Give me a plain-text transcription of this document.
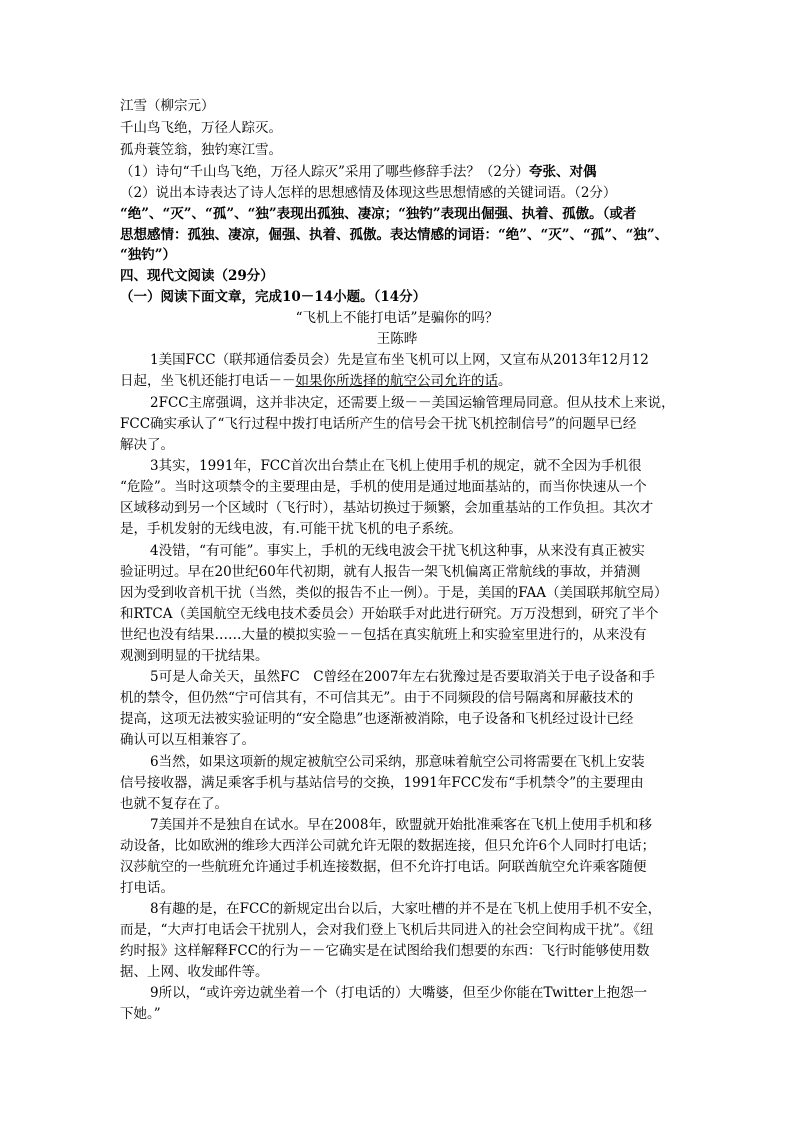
江雪（柳宗元）
千山鸟飞绝，万径人踪灭。
孤舟蓑笠翁，独钓寒江雪。
（1）诗句“千山鸟飞绝，万径人踪灭”采用了哪些修辞手法？（2分）夸张、对偶
（2）说出本诗表达了诗人怎样的思想感情及体现这些思想情感的关键词语。（2分）
“绝”、“灭”、“孤”、“独”表现出孤独、凄凉；“独钓”表现出倔强、执着、孤傲。（或者
思想感情：孤独、凄凉，倔强、执着、孤傲。表达情感的词语：“绝”、“灭”、“孤”、“独”、
“独钓”）
四、现代文阅读（29分）
（一）阅读下面文章，完成10－14小题。（14分）
“飞机上不能打电话”是骗你的吗？
王陈晔
1美国FCC（联邦通信委员会）先是宣布坐飞机可以上网，又宣布从2013年12月12
日起，坐飞机还能打电话－－如果你所选择的航空公司允许的话。
2FCC主席强调，这并非决定，还需要上级－－美国运输管理局同意。但从技术上来说，
FCC确实承认了“飞行过程中拨打电话所产生的信号会干扰飞机控制信号”的问题早已经
解决了。
3其实，1991年，FCC首次出台禁止在飞机上使用手机的规定，就不全因为手机很
“危险”。当时这项禁令的主要理由是，手机的使用是通过地面基站的，而当你快速从一个
区域移动到另一个区域时（飞行时），基站切换过于频繁，会加重基站的工作负担。其次才
是，手机发射的无线电波，有.可能干扰飞机的电子系统。
4没错，“有可能”。事实上，手机的无线电波会干扰飞机这种事，从来没有真正被实
验证明过。早在20世纪60年代初期，就有人报告一架飞机偏离正常航线的事故，并猜测
因为受到收音机干扰（当然，类似的报告不止一例）。于是，美国的FAA（美国联邦航空局）
和RTCA（美国航空无线电技术委员会）开始联手对此进行研究。万万没想到，研究了半个
世纪也没有结果……大量的模拟实验－－包括在真实航班上和实验室里进行的，从来没有
观测到明显的干扰结果。
5可是人命关天，虽然FC　C曾经在2007年左右犹豫过是否要取消关于电子设备和手
机的禁令，但仍然“宁可信其有，不可信其无”。由于不同频段的信号隔离和屏蔽技术的
提高，这项无法被实验证明的“安全隐患”也逐渐被消除，电子设备和飞机经过设计已经
确认可以互相兼容了。
6当然，如果这项新的规定被航空公司采纳，那意味着航空公司将需要在飞机上安装
信号接收器，满足乘客手机与基站信号的交换，1991年FCC发布“手机禁令”的主要理由
也就不复存在了。
7美国并不是独自在试水。早在2008年，欧盟就开始批准乘客在飞机上使用手机和移
动设备，比如欧洲的维珍大西洋公司就允许无限的数据连接，但只允许6个人同时打电话；
汉莎航空的一些航班允许通过手机连接数据，但不允许打电话。阿联酋航空允许乘客随便
打电话。
8有趣的是，在FCC的新规定出台以后，大家吐槽的并不是在飞机上使用手机不安全，
而是，“大声打电话会干扰别人，会对我们登上飞机后共同进入的社会空间构成干扰”。《纽
约时报》这样解释FCC的行为－－它确实是在试图给我们想要的东西：飞行时能够使用数
据、上网、收发邮件等。
9所以，“或许旁边就坐着一个（打电话的）大嘴婆，但至少你能在Twitter上抱怨一
下她。”
